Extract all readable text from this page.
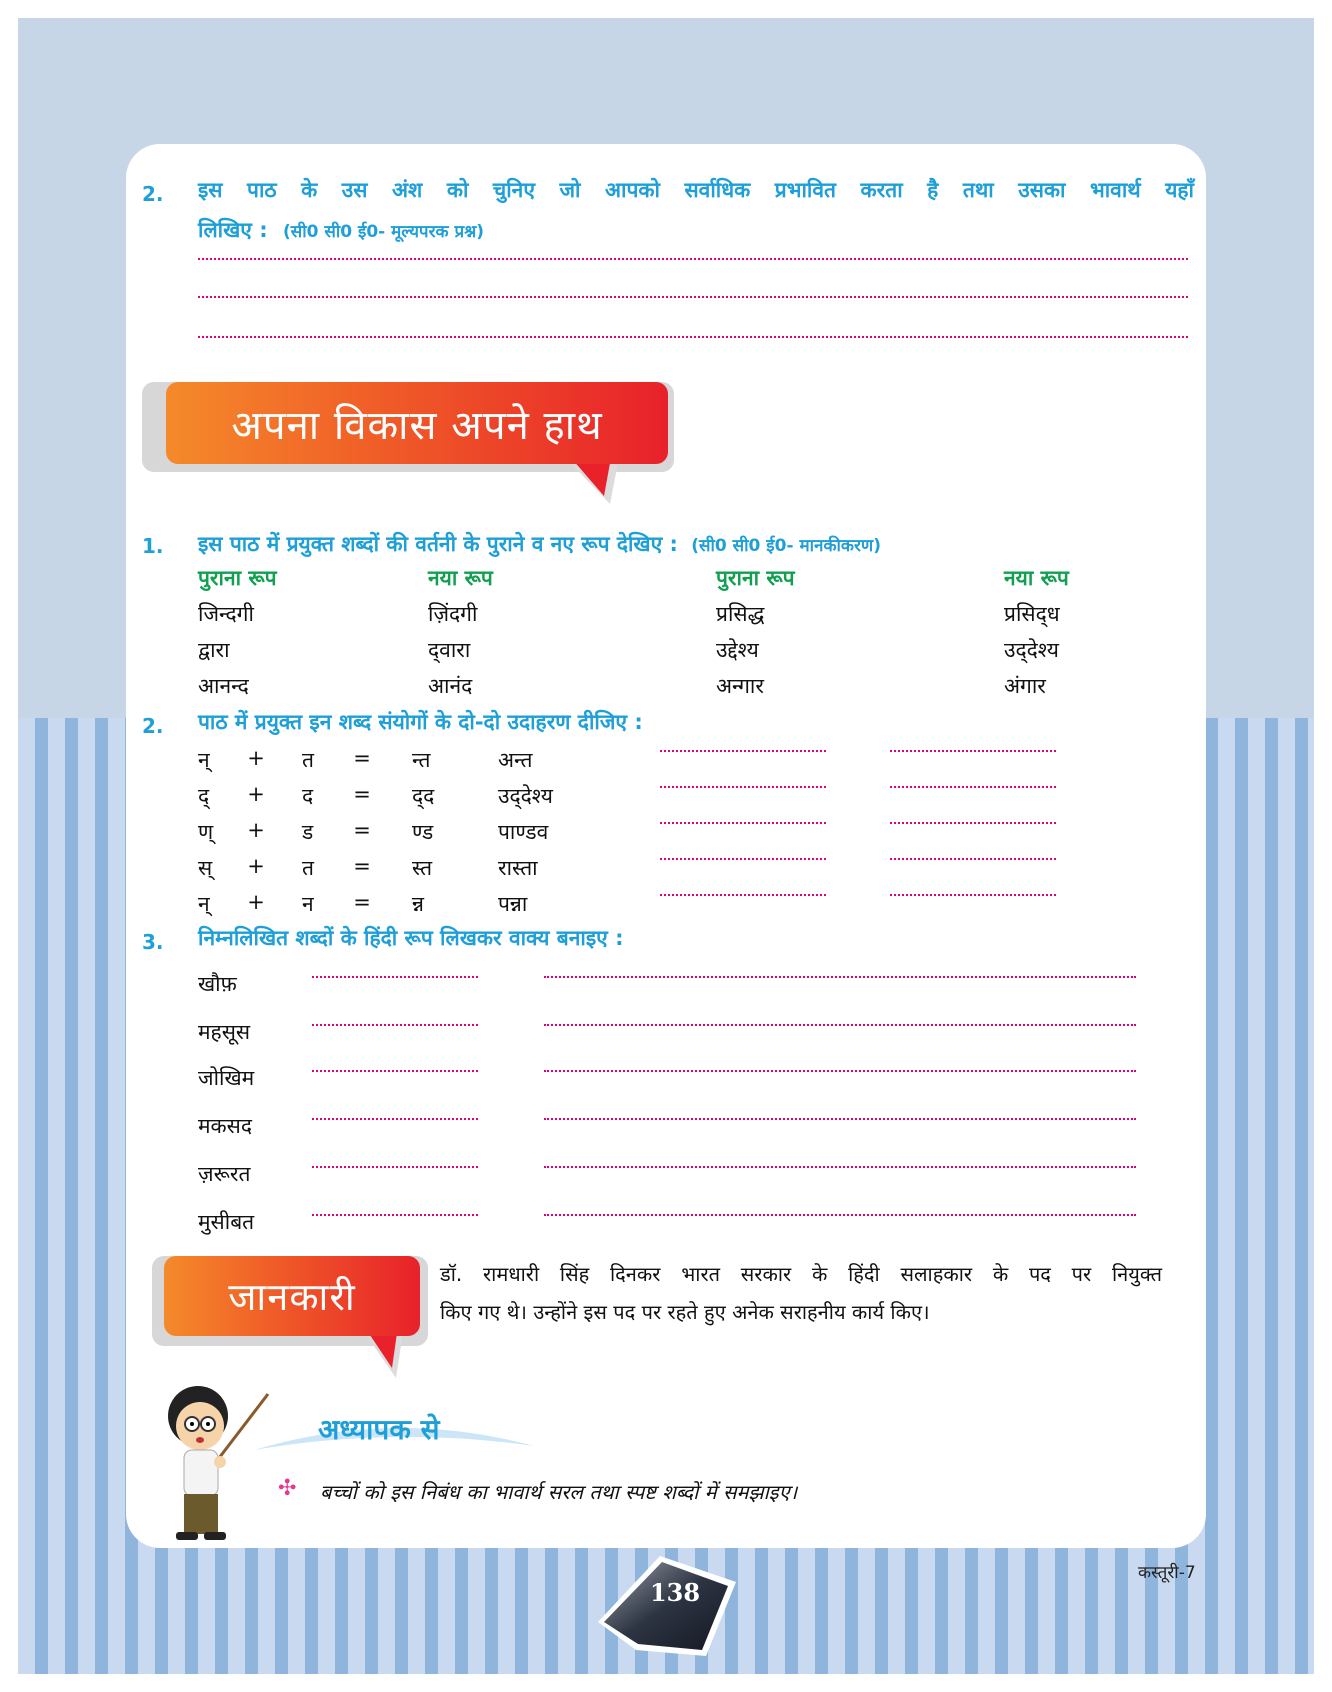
2. इस पाठ के उस अंश को चुनिए जो आपको सर्वाधिक प्रभावित करता है तथा उसका भावार्थ यहाँ
लिखिए : (सी0 सी0 ई0- मूल्यपरक प्रश्न)
अपना विकास अपने हाथ
1. इस पाठ में प्रयुक्त शब्दों की वर्तनी के पुराने व नए रूप देखिए : (सी0 सी0 ई0- मानकीकरण)
पुराना रूप	नया रूप	पुराना रूप	नया रूप
जिन्दगी	ज़िंदगी	प्रसिद्ध	प्रसिद्‌ध
द्वारा	द्‌वारा	उद्देश्य	उद्‌देश्य
आनन्द	आनंद	अन्गार	अंगार
2. पाठ में प्रयुक्त इन शब्द संयोगों के दो-दो उदाहरण दीजिए :
न् + त = न्त	अन्त
द् + द = द्‌द	उद्‌देश्य
ण् + ड = ण्ड	पाण्डव
स् + त = स्त	रास्ता
न् + न = न्न	पन्ना
3. निम्नलिखित शब्दों के हिंदी रूप लिखकर वाक्य बनाइए :
खौफ़
महसूस
जोखिम
मकसद
ज़रूरत
मुसीबत
जानकारी
डॉ. रामधारी सिंह दिनकर भारत सरकार के हिंदी सलाहकार के पद पर नियुक्त
किए गए थे। उन्होंने इस पद पर रहते हुए अनेक सराहनीय कार्य किए।
अध्यापक से
✣ बच्चों को इस निबंध का भावार्थ सरल तथा स्पष्ट शब्दों में समझाइए।
138
कस्तूरी-7
